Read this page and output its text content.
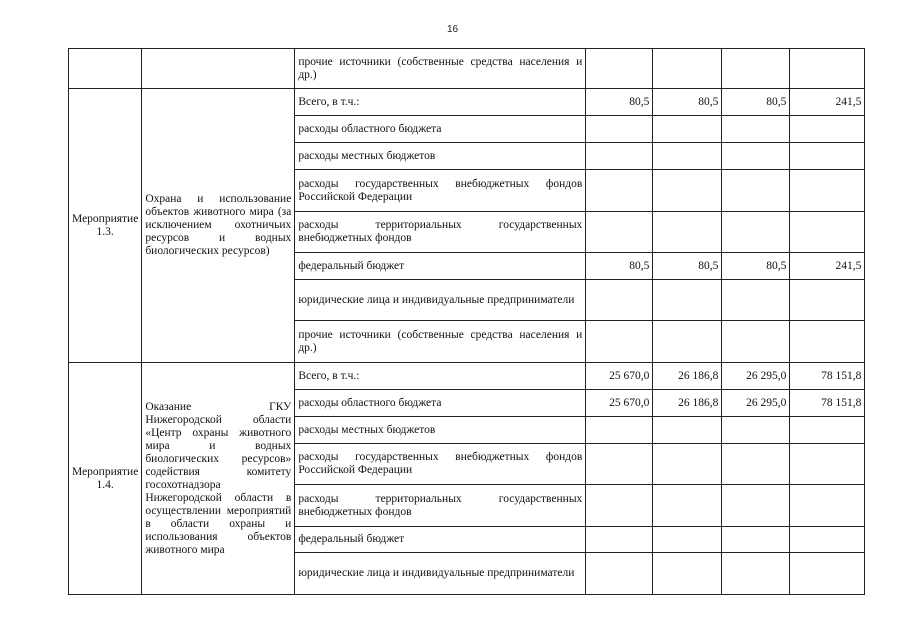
16

		прочие источники (собственные средства населения и др.)				

Мероприятие 1.3.	Охрана и использование объектов животного мира (за исключением охотничьих ресурсов и водных биологических ресурсов)	Всего, в т.ч.:	80,5	80,5	80,5	241,5

		расходы областного бюджета				

		расходы местных бюджетов				

		расходы государственных внебюджетных фондов Российской Федерации				

		расходы территориальных государственных внебюджетных фондов				

		федеральный бюджет	80,5	80,5	80,5	241,5

		юридические лица и индивидуальные предприниматели				

		прочие источники (собственные средства населения и др.)				

Мероприятие 1.4.	Оказание ГКУ Нижегородской области «Центр охраны животного мира и водных биологических ресурсов» содействия комитету госохотнадзора Нижегородской области в осуществлении мероприятий в области охраны и использования объектов животного мира	Всего, в т.ч.:	25 670,0	26 186,8	26 295,0	78 151,8

		расходы областного бюджета	25 670,0	26 186,8	26 295,0	78 151,8

		расходы местных бюджетов				

		расходы государственных внебюджетных фондов Российской Федерации				

		расходы территориальных государственных внебюджетных фондов				

		федеральный бюджет				

		юридические лица и индивидуальные предприниматели				
